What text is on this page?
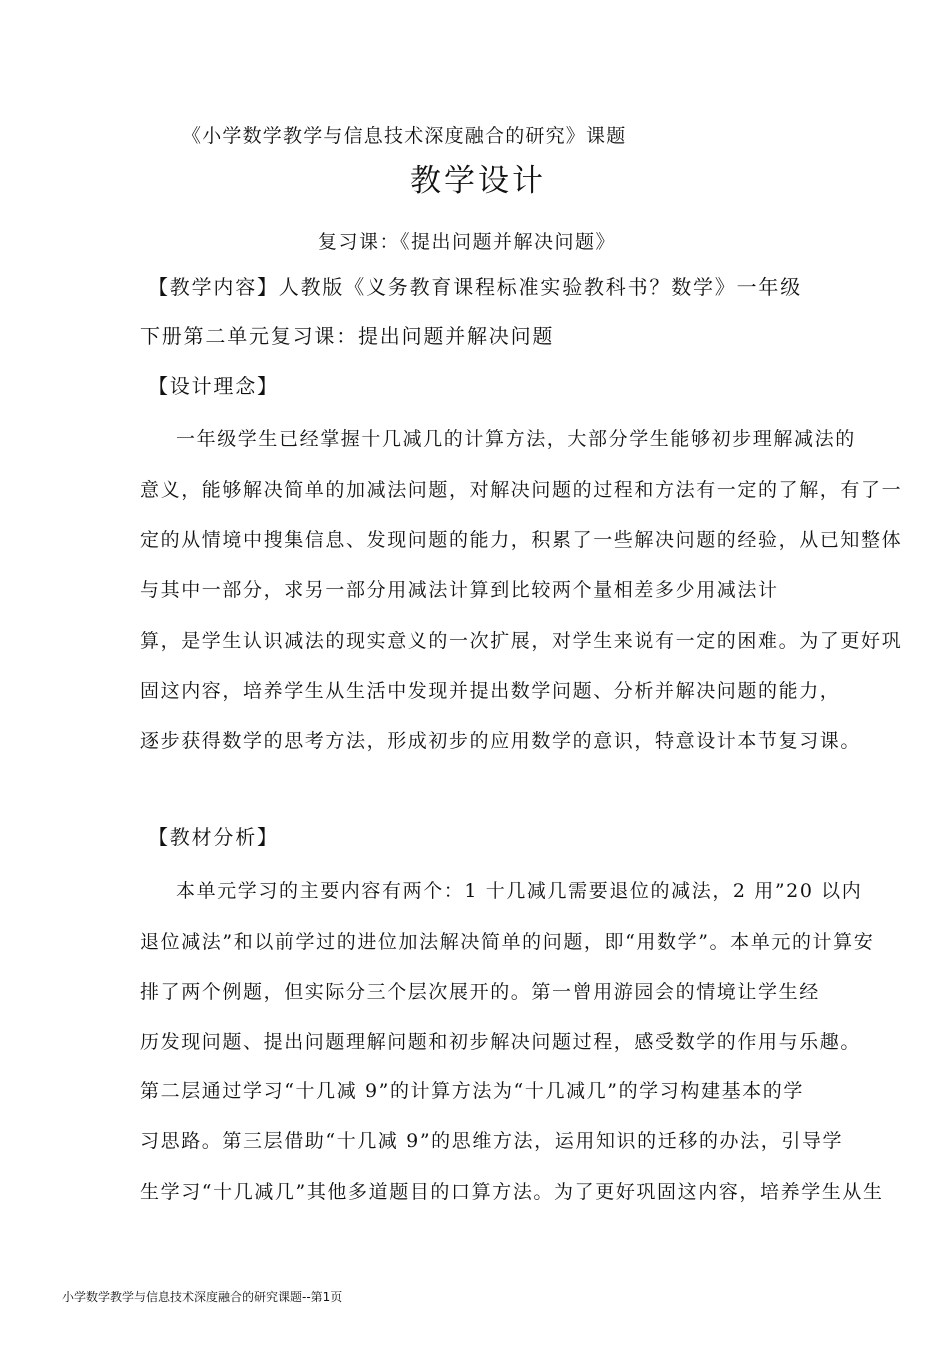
《小学数学教学与信息技术深度融合的研究》课题
教学设计
复习课：《提出问题并解决问题》
【教学内容】人教版《义务教育课程标准实验教科书？数学》一年级
下册第二单元复习课：提出问题并解决问题
【设计理念】
一年级学生已经掌握十几减几的计算方法，大部分学生能够初步理解减法的
意义，能够解决简单的加减法问题，对解决问题的过程和方法有一定的了解，有了一
定的从情境中搜集信息、发现问题的能力，积累了一些解决问题的经验，从已知整体
与其中一部分，求另一部分用减法计算到比较两个量相差多少用减法计
算，是学生认识减法的现实意义的一次扩展，对学生来说有一定的困难。为了更好巩
固这内容，培养学生从生活中发现并提出数学问题、分析并解决问题的能力，
逐步获得数学的思考方法，形成初步的应用数学的意识，特意设计本节复习课。
【教材分析】
本单元学习的主要内容有两个：1 十几减几需要退位的减法，2 用”20 以内
退位减法”和以前学过的进位加法解决简单的问题，即“用数学”。本单元的计算安
排了两个例题，但实际分三个层次展开的。第一曾用游园会的情境让学生经
历发现问题、提出问题理解问题和初步解决问题过程，感受数学的作用与乐趣。
第二层通过学习“十几减 9”的计算方法为“十几减几”的学习构建基本的学
习思路。第三层借助“十几减 9”的思维方法，运用知识的迁移的办法，引导学
生学习“十几减几”其他多道题目的口算方法。为了更好巩固这内容，培养学生从生
小学数学教学与信息技术深度融合的研究课题--第1页
